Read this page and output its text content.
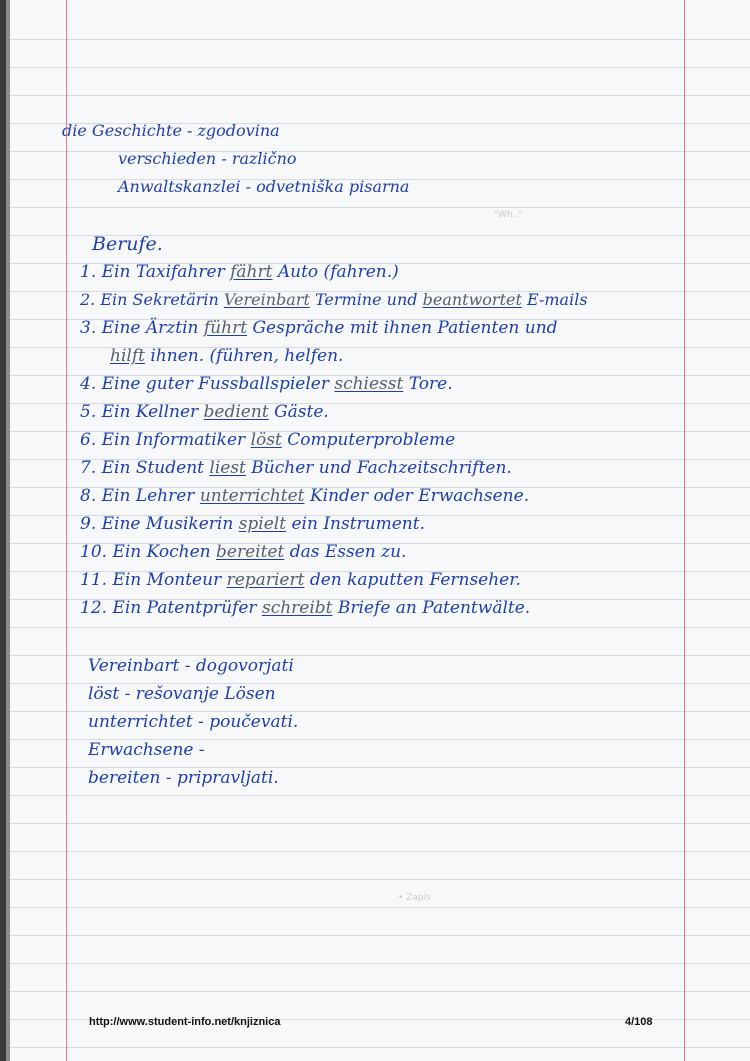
die Geschichte - zgodovina
verschieden - različno
Anwaltskanzlei - odvetniška pisarna
"Wh.."
Berufe.
1. Ein Taxifahrer fährt Auto (fahren.)
2. Ein Sekretärin Vereinbart Termine und beantwortet E-mails
3. Eine Ärztin führt Gespräche mit ihnen Patienten und
hilft ihnen. (führen, helfen.
4. Eine guter Fussballspieler schiesst Tore.
5. Ein Kellner bedient Gäste.
6. Ein Informatiker löst Computerprobleme
7. Ein Student liest Bücher und Fachzeitschriften.
8. Ein Lehrer unterrichtet Kinder oder Erwachsene.
9. Eine Musikerin spielt ein Instrument.
10. Ein Kochen bereitet das Essen zu.
11. Ein Monteur repariert den kaputten Fernseher.
12. Ein Patentprüfer schreibt Briefe an Patentwälte.
Vereinbart - dogovorjati
löst - rešovanje Lösen
unterrichtet - poučevati.
Erwachsene -
bereiten - pripravljati.
• Zapis
http://www.student-info.net/knjiznica	4/108
